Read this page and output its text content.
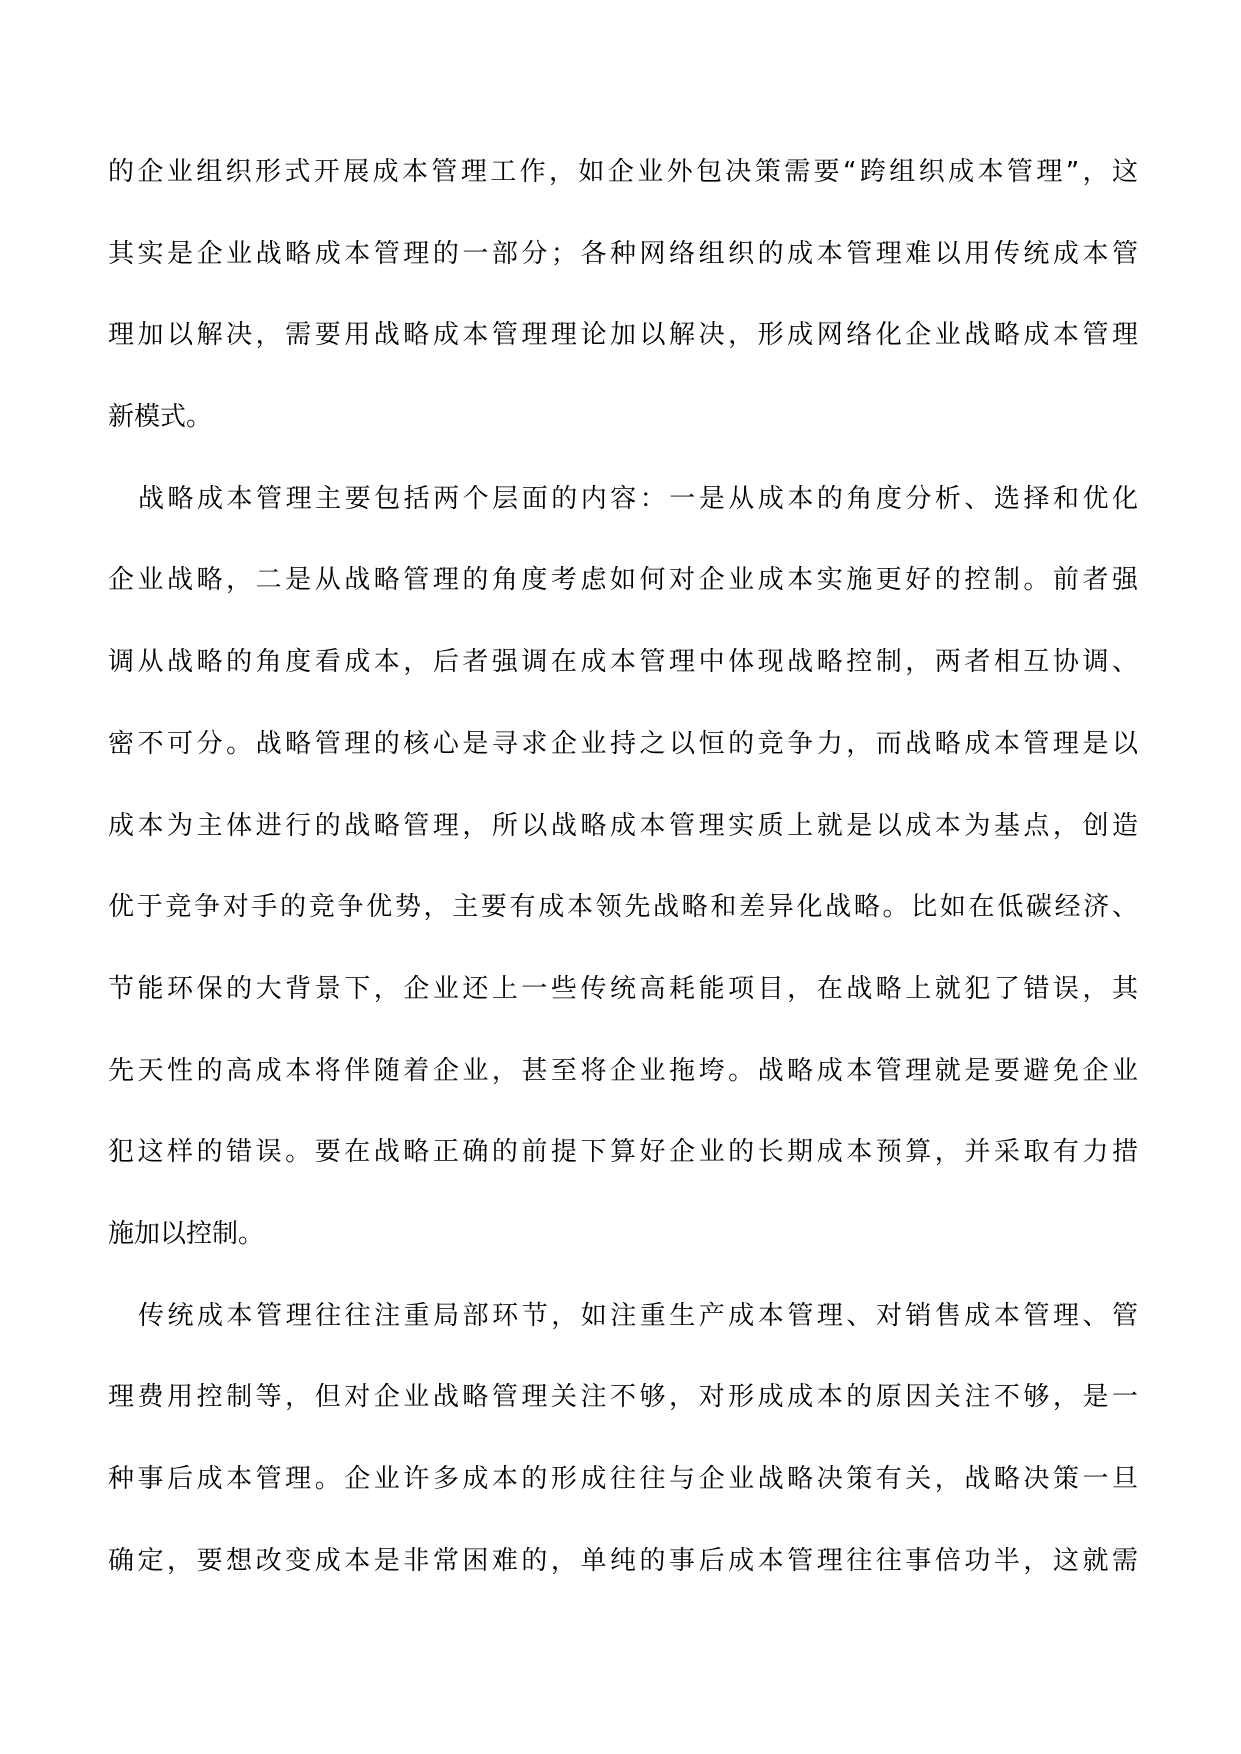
的企业组织形式开展成本管理工作，如企业外包决策需要“跨组织成本管理”，这
其实是企业战略成本管理的一部分；各种网络组织的成本管理难以用传统成本管
理加以解决，需要用战略成本管理理论加以解决，形成网络化企业战略成本管理
新模式。
战略成本管理主要包括两个层面的内容：一是从成本的角度分析、选择和优化
企业战略，二是从战略管理的角度考虑如何对企业成本实施更好的控制。前者强
调从战略的角度看成本，后者强调在成本管理中体现战略控制，两者相互协调、
密不可分。战略管理的核心是寻求企业持之以恒的竞争力，而战略成本管理是以
成本为主体进行的战略管理，所以战略成本管理实质上就是以成本为基点，创造
优于竞争对手的竞争优势，主要有成本领先战略和差异化战略。比如在低碳经济、
节能环保的大背景下，企业还上一些传统高耗能项目，在战略上就犯了错误，其
先天性的高成本将伴随着企业，甚至将企业拖垮。战略成本管理就是要避免企业
犯这样的错误。要在战略正确的前提下算好企业的长期成本预算，并采取有力措
施加以控制。
传统成本管理往往注重局部环节，如注重生产成本管理、对销售成本管理、管
理费用控制等，但对企业战略管理关注不够，对形成成本的原因关注不够，是一
种事后成本管理。企业许多成本的形成往往与企业战略决策有关，战略决策一旦
确定，要想改变成本是非常困难的，单纯的事后成本管理往往事倍功半，这就需
